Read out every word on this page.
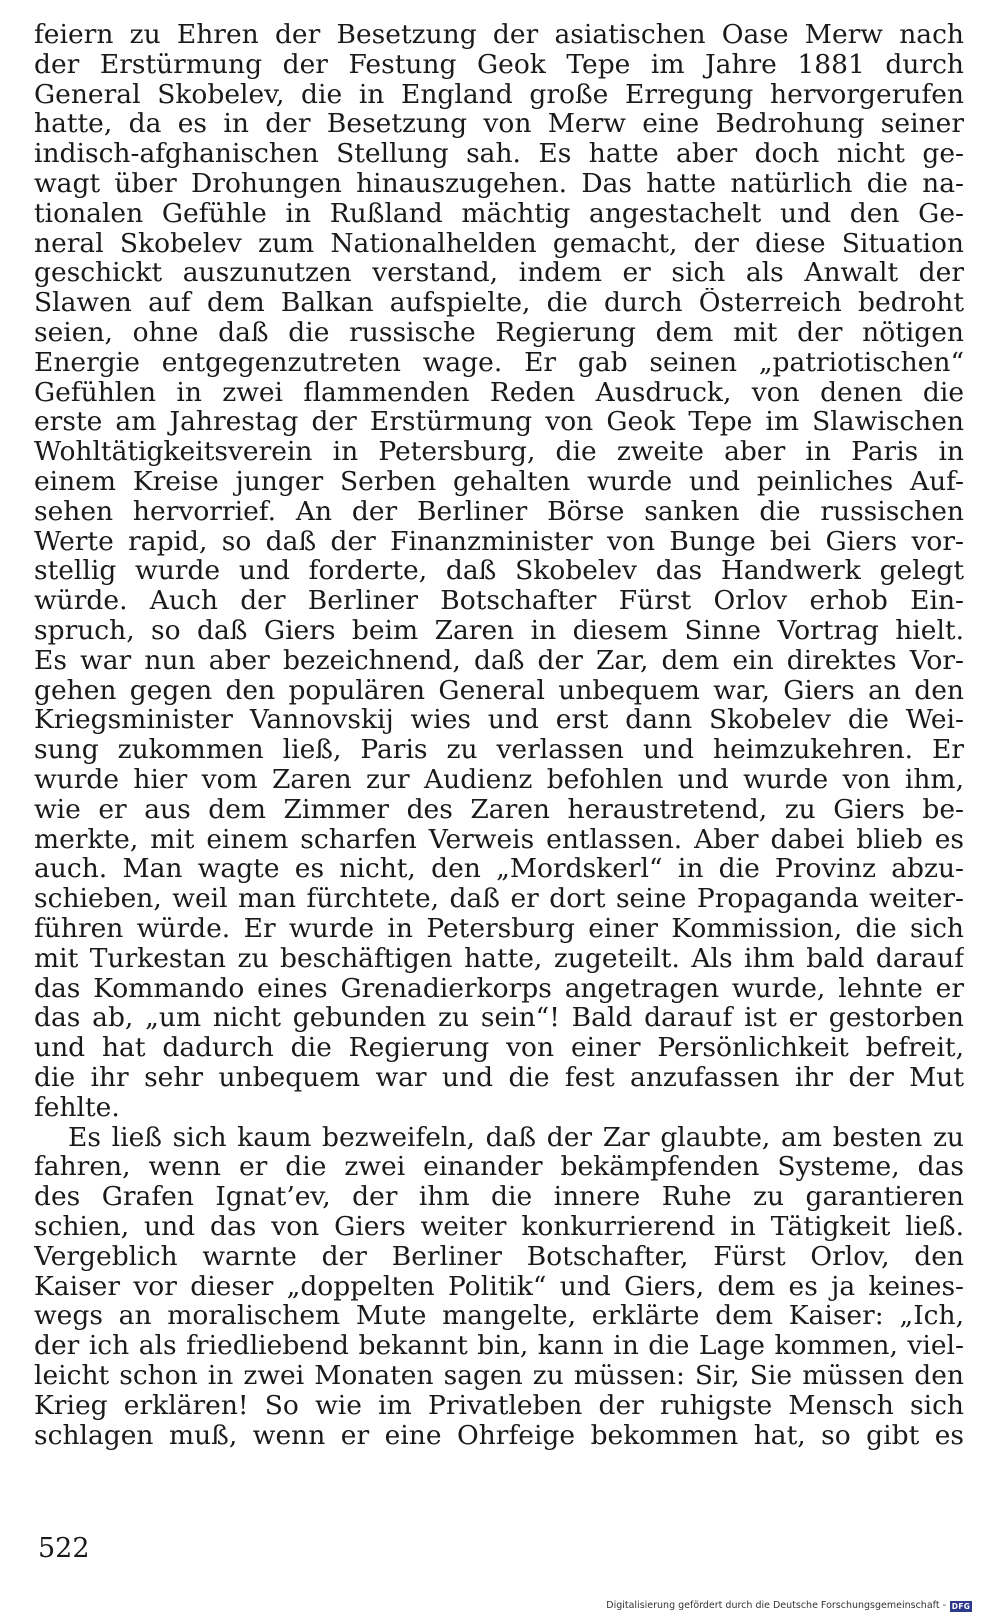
feiern zu Ehren der Besetzung der asiatischen Oase Merw nach
der Erstürmung der Festung Geok Tepe im Jahre 1881 durch
General Skobelev, die in England große Erregung hervorgerufen
hatte, da es in der Besetzung von Merw eine Bedrohung seiner
indisch-afghanischen Stellung sah. Es hatte aber doch nicht ge-
wagt über Drohungen hinauszugehen. Das hatte natürlich die na-
tionalen Gefühle in Rußland mächtig angestachelt und den Ge-
neral Skobelev zum Nationalhelden gemacht, der diese Situation
geschickt auszunutzen verstand, indem er sich als Anwalt der
Slawen auf dem Balkan aufspielte, die durch Österreich bedroht
seien, ohne daß die russische Regierung dem mit der nötigen
Energie entgegenzutreten wage. Er gab seinen „patriotischen“
Gefühlen in zwei flammenden Reden Ausdruck, von denen die
erste am Jahrestag der Erstürmung von Geok Tepe im Slawischen
Wohltätigkeitsverein in Petersburg, die zweite aber in Paris in
einem Kreise junger Serben gehalten wurde und peinliches Auf-
sehen hervorrief. An der Berliner Börse sanken die russischen
Werte rapid, so daß der Finanzminister von Bunge bei Giers vor-
stellig wurde und forderte, daß Skobelev das Handwerk gelegt
würde. Auch der Berliner Botschafter Fürst Orlov erhob Ein-
spruch, so daß Giers beim Zaren in diesem Sinne Vortrag hielt.
Es war nun aber bezeichnend, daß der Zar, dem ein direktes Vor-
gehen gegen den populären General unbequem war, Giers an den
Kriegsminister Vannovskij wies und erst dann Skobelev die Wei-
sung zukommen ließ, Paris zu verlassen und heimzukehren. Er
wurde hier vom Zaren zur Audienz befohlen und wurde von ihm,
wie er aus dem Zimmer des Zaren heraustretend, zu Giers be-
merkte, mit einem scharfen Verweis entlassen. Aber dabei blieb es
auch. Man wagte es nicht, den „Mordskerl“ in die Provinz abzu-
schieben, weil man fürchtete, daß er dort seine Propaganda weiter-
führen würde. Er wurde in Petersburg einer Kommission, die sich
mit Turkestan zu beschäftigen hatte, zugeteilt. Als ihm bald darauf
das Kommando eines Grenadierkorps angetragen wurde, lehnte er
das ab, „um nicht gebunden zu sein“! Bald darauf ist er gestorben
und hat dadurch die Regierung von einer Persönlichkeit befreit,
die ihr sehr unbequem war und die fest anzufassen ihr der Mut
fehlte.
Es ließ sich kaum bezweifeln, daß der Zar glaubte, am besten zu
fahren, wenn er die zwei einander bekämpfenden Systeme, das
des Grafen Ignat’ev, der ihm die innere Ruhe zu garantieren
schien, und das von Giers weiter konkurrierend in Tätigkeit ließ.
Vergeblich warnte der Berliner Botschafter, Fürst Orlov, den
Kaiser vor dieser „doppelten Politik“ und Giers, dem es ja keines-
wegs an moralischem Mute mangelte, erklärte dem Kaiser: „Ich,
der ich als friedliebend bekannt bin, kann in die Lage kommen, viel-
leicht schon in zwei Monaten sagen zu müssen: Sir, Sie müssen den
Krieg erklären! So wie im Privatleben der ruhigste Mensch sich
schlagen muß, wenn er eine Ohrfeige bekommen hat, so gibt es
522
Digitalisierung gefördert durch die Deutsche Forschungsgemeinschaft - DFG
